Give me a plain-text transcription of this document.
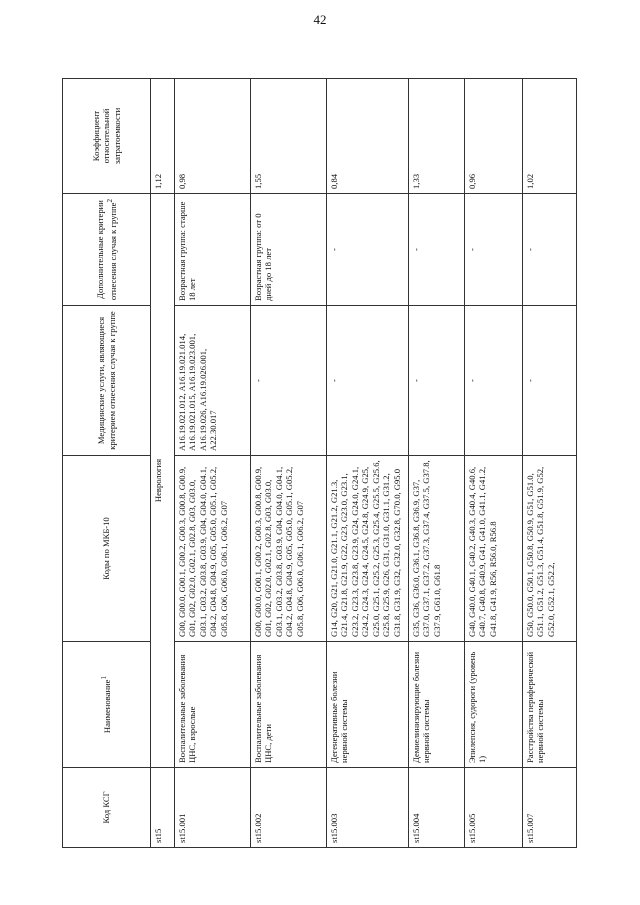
42
Код КСГ	Наименование$^1$	Коды по МКБ-10	Медицинские услуги, являющиеся критерием отнесения случая к группе	Дополнительные критерии отнесения случая к группе$^2$	Коэффициент относительной затратоемкости
st15	Неврология				1,12
st15.001	Воспалительные заболевания ЦНС, взрослые	G00, G00.0, G00.1, G00.2, G00.3, G00.8, G00.9, G01, G02, G02.0, G02.1, G02.8, G03, G03.0, G03.1, G03.2, G03.8, G03.9, G04, G04.0, G04.1, G04.2, G04.8, G04.9, G05, G05.0, G05.1, G05.2, G05.8, G06, G06.0, G06.1, G06.2, G07	A16.19.021.012, A16.19.021.014, A16.19.021.015, A16.19.023.001, A16.19.026, A16.19.026.001, A22.30.017	Возрастная группа: старше 18 лет	0,98
st15.002	Воспалительные заболевания ЦНС, дети	G00, G00.0, G00.1, G00.2, G00.3, G00.8, G00.9, G01, G02, G02.0, G02.1, G02.8, G03, G03.0, G03.1, G03.2, G03.8, G03.9, G04, G04.0, G04.1, G04.2, G04.8, G04.9, G05, G05.0, G05.1, G05.2, G05.8, G06, G06.0, G06.1, G06.2, G07	-	Возрастная группа: от 0 дней до 18 лет	1,55
st15.003	Дегенеративные болезни нервной системы	G14, G20, G21, G21.0, G21.1, G21.2, G21.3, G21.4, G21.8, G21.9, G22, G23, G23.0, G23.1, G23.2, G23.3, G23.8, G23.9, G24, G24.0, G24.1, G24.2, G24.3, G24.4, G24.5, G24.8, G24.9, G25, G25.0, G25.1, G25.2, G25.3, G25.4, G25.5, G25.6, G25.8, G25.9, G26, G31, G31.0, G31.1, G31.2, G31.8, G31.9, G32, G32.0, G32.8, G70.0, G95.0	-	-	0,84
st15.004	Демиелинизирующие болезни нервной системы	G35, G36, G36.0, G36.1, G36.8, G36.9, G37, G37.0, G37.1, G37.2, G37.3, G37.4, G37.5, G37.8, G37.9, G61.0, G61.8	-	-	1,33
st15.005	Эпилепсия, судороги (уровень 1)	G40, G40.0, G40.1, G40.2, G40.3, G40.4, G40.6, G40.7, G40.8, G40.9, G41, G41.0, G41.1, G41.2, G41.8, G41.9, R56, R56.0, R56.8	-	-	0,96
st15.007	Расстройства периферической нервной системы	G50, G50.0, G50.1, G50.8, G50.9, G51, G51.0, G51.1, G51.2, G51.3, G51.4, G51.8, G51.9, G52, G52.0, G52.1, G52.2,	-	-	1,02
